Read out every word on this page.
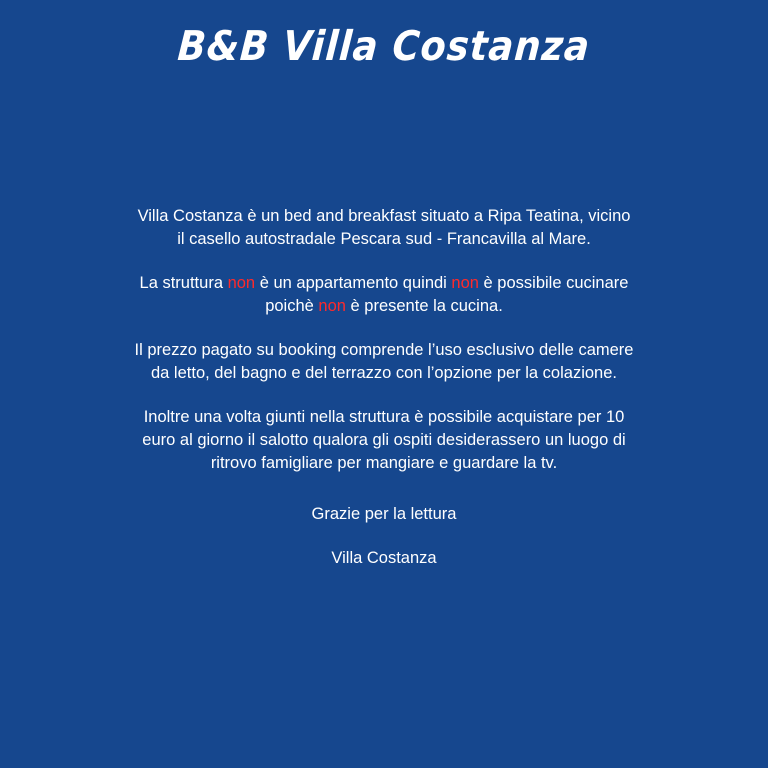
B&B Villa Costanza

Villa Costanza è un bed and breakfast situato a Ripa Teatina, vicino il casello autostradale Pescara sud - Francavilla al Mare.

La struttura non è un appartamento quindi non è possibile cucinare poichè non è presente la cucina.

Il prezzo pagato su booking comprende l’uso esclusivo delle camere da letto, del bagno e del terrazzo con l’opzione per la colazione.

Inoltre una volta giunti nella struttura è possibile acquistare per 10 euro al giorno il salotto qualora gli ospiti desiderassero un luogo di ritrovo famigliare per mangiare e guardare la tv.

Grazie per la lettura

Villa Costanza
